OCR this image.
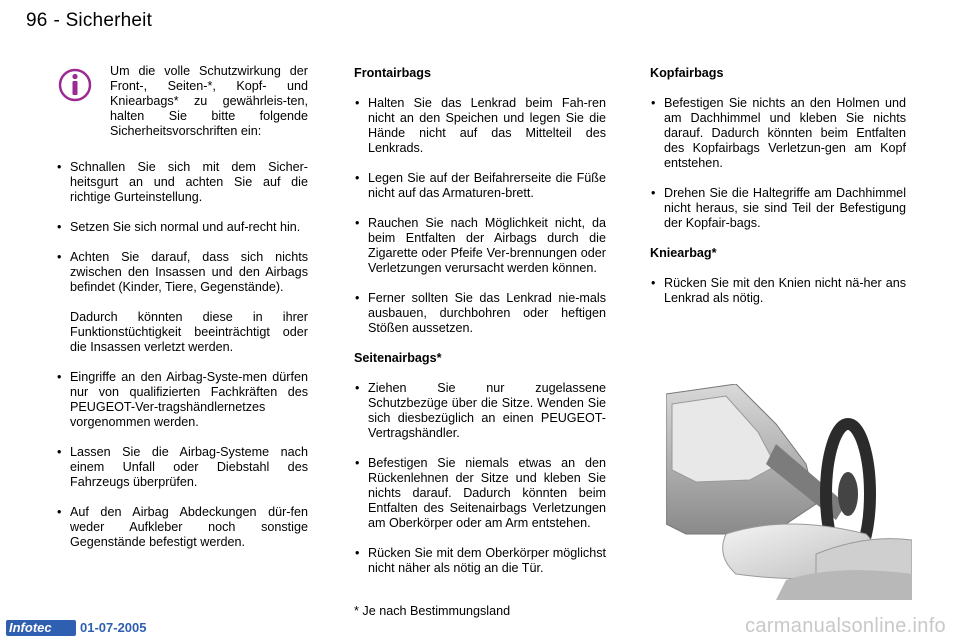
96 - Sicherheit
Um die volle Schutzwirkung der Front-, Seiten-*, Kopf- und Kniearbags* zu gewährleis-ten, halten Sie bitte folgende Sicherheitsvorschriften ein:
• Schnallen Sie sich mit dem Sicher-heitsgurt an und achten Sie auf die richtige Gurteinstellung.
• Setzen Sie sich normal und auf-recht hin.
• Achten Sie darauf, dass sich nichts zwischen den Insassen und den Airbags befindet (Kinder, Tiere, Gegenstände).
Dadurch könnten diese in ihrer Funktionstüchtigkeit beeinträchtigt oder die Insassen verletzt werden.
• Eingriffe an den Airbag-Syste-men dürfen nur von qualifizierten Fachkräften des PEUGEOT-Ver-tragshändlernetzes vorgenommen werden.
• Lassen Sie die Airbag-Systeme nach einem Unfall oder Diebstahl des Fahrzeugs überprüfen.
• Auf den Airbag Abdeckungen dür-fen weder Aufkleber noch sonstige Gegenstände befestigt werden.
Frontairbags
• Halten Sie das Lenkrad beim Fah-ren nicht an den Speichen und legen Sie die Hände nicht auf das Mittelteil des Lenkrads.
• Legen Sie auf der Beifahrerseite die Füße nicht auf das Armaturen-brett.
• Rauchen Sie nach Möglichkeit nicht, da beim Entfalten der Airbags durch die Zigarette oder Pfeife Ver-brennungen oder Verletzungen verursacht werden können.
• Ferner sollten Sie das Lenkrad nie-mals ausbauen, durchbohren oder heftigen Stößen aussetzen.
Seitenairbags*
• Ziehen Sie nur zugelassene Schutzbezüge über die Sitze. Wenden Sie sich diesbezüglich an einen PEUGEOT-Vertragshändler.
• Befestigen Sie niemals etwas an den Rückenlehnen der Sitze und kleben Sie nichts darauf. Dadurch könnten beim Entfalten des Seitenairbags Verletzungen am Oberkörper oder am Arm entstehen.
• Rücken Sie mit dem Oberkörper möglichst nicht näher als nötig an die Tür.
* Je nach Bestimmungsland
Kopfairbags
• Befestigen Sie nichts an den Holmen und am Dachhimmel und kleben Sie nichts darauf. Dadurch könnten beim Entfalten des Kopfairbags Verletzun-gen am Kopf entstehen.
• Drehen Sie die Haltegriffe am Dachhimmel nicht heraus, sie sind Teil der Befestigung der Kopfair-bags.
Kniearbag*
• Rücken Sie mit den Knien nicht nä-her ans Lenkrad als nötig.
Infotec	01-07-2005	carmanualsonline.info
